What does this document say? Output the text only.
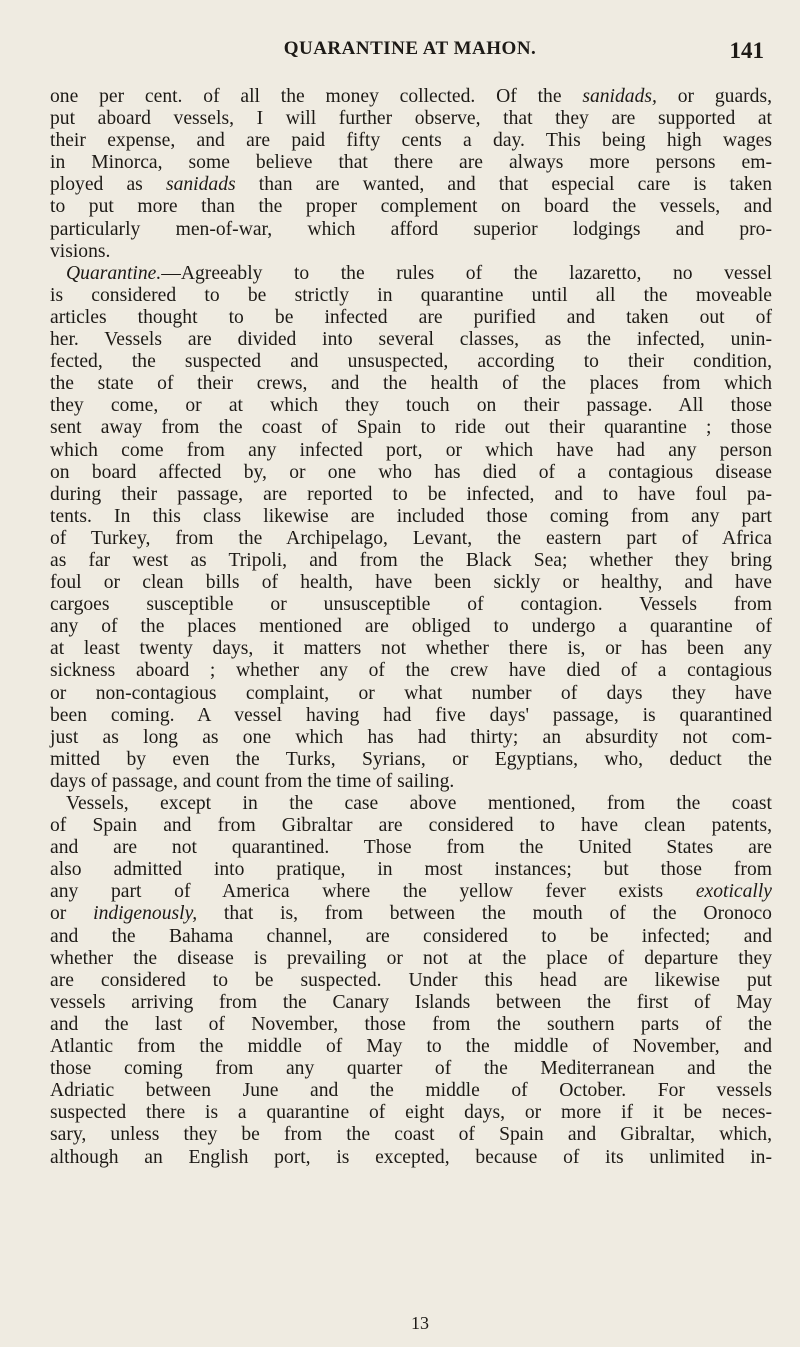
QUARANTINE AT MAHON.	141
one per cent. of all the money collected. Of the sanidads, or guards,
put aboard vessels, I will further observe, that they are supported at
their expense, and are paid fifty cents a day. This being high wages
in Minorca, some believe that there are always more persons em-
ployed as sanidads than are wanted, and that especial care is taken
to put more than the proper complement on board the vessels, and
particularly men-of-war, which afford superior lodgings and pro-
visions.
Quarantine.—Agreeably to the rules of the lazaretto, no vessel
is considered to be strictly in quarantine until all the moveable
articles thought to be infected are purified and taken out of
her. Vessels are divided into several classes, as the infected, unin-
fected, the suspected and unsuspected, according to their condition,
the state of their crews, and the health of the places from which
they come, or at which they touch on their passage. All those
sent away from the coast of Spain to ride out their quarantine ; those
which come from any infected port, or which have had any person
on board affected by, or one who has died of a contagious disease
during their passage, are reported to be infected, and to have foul pa-
tents. In this class likewise are included those coming from any part
of Turkey, from the Archipelago, Levant, the eastern part of Africa
as far west as Tripoli, and from the Black Sea; whether they bring
foul or clean bills of health, have been sickly or healthy, and have
cargoes susceptible or unsusceptible of contagion. Vessels from
any of the places mentioned are obliged to undergo a quarantine of
at least twenty days, it matters not whether there is, or has been any
sickness aboard ; whether any of the crew have died of a contagious
or non-contagious complaint, or what number of days they have
been coming. A vessel having had five days' passage, is quarantined
just as long as one which has had thirty; an absurdity not com-
mitted by even the Turks, Syrians, or Egyptians, who, deduct the
days of passage, and count from the time of sailing.
Vessels, except in the case above mentioned, from the coast
of Spain and from Gibraltar are considered to have clean patents,
and are not quarantined. Those from the United States are
also admitted into pratique, in most instances; but those from
any part of America where the yellow fever exists exotically
or indigenously, that is, from between the mouth of the Oronoco
and the Bahama channel, are considered to be infected; and
whether the disease is prevailing or not at the place of departure they
are considered to be suspected. Under this head are likewise put
vessels arriving from the Canary Islands between the first of May
and the last of November, those from the southern parts of the
Atlantic from the middle of May to the middle of November, and
those coming from any quarter of the Mediterranean and the
Adriatic between June and the middle of October. For vessels
suspected there is a quarantine of eight days, or more if it be neces-
sary, unless they be from the coast of Spain and Gibraltar, which,
although an English port, is excepted, because of its unlimited in-
13
